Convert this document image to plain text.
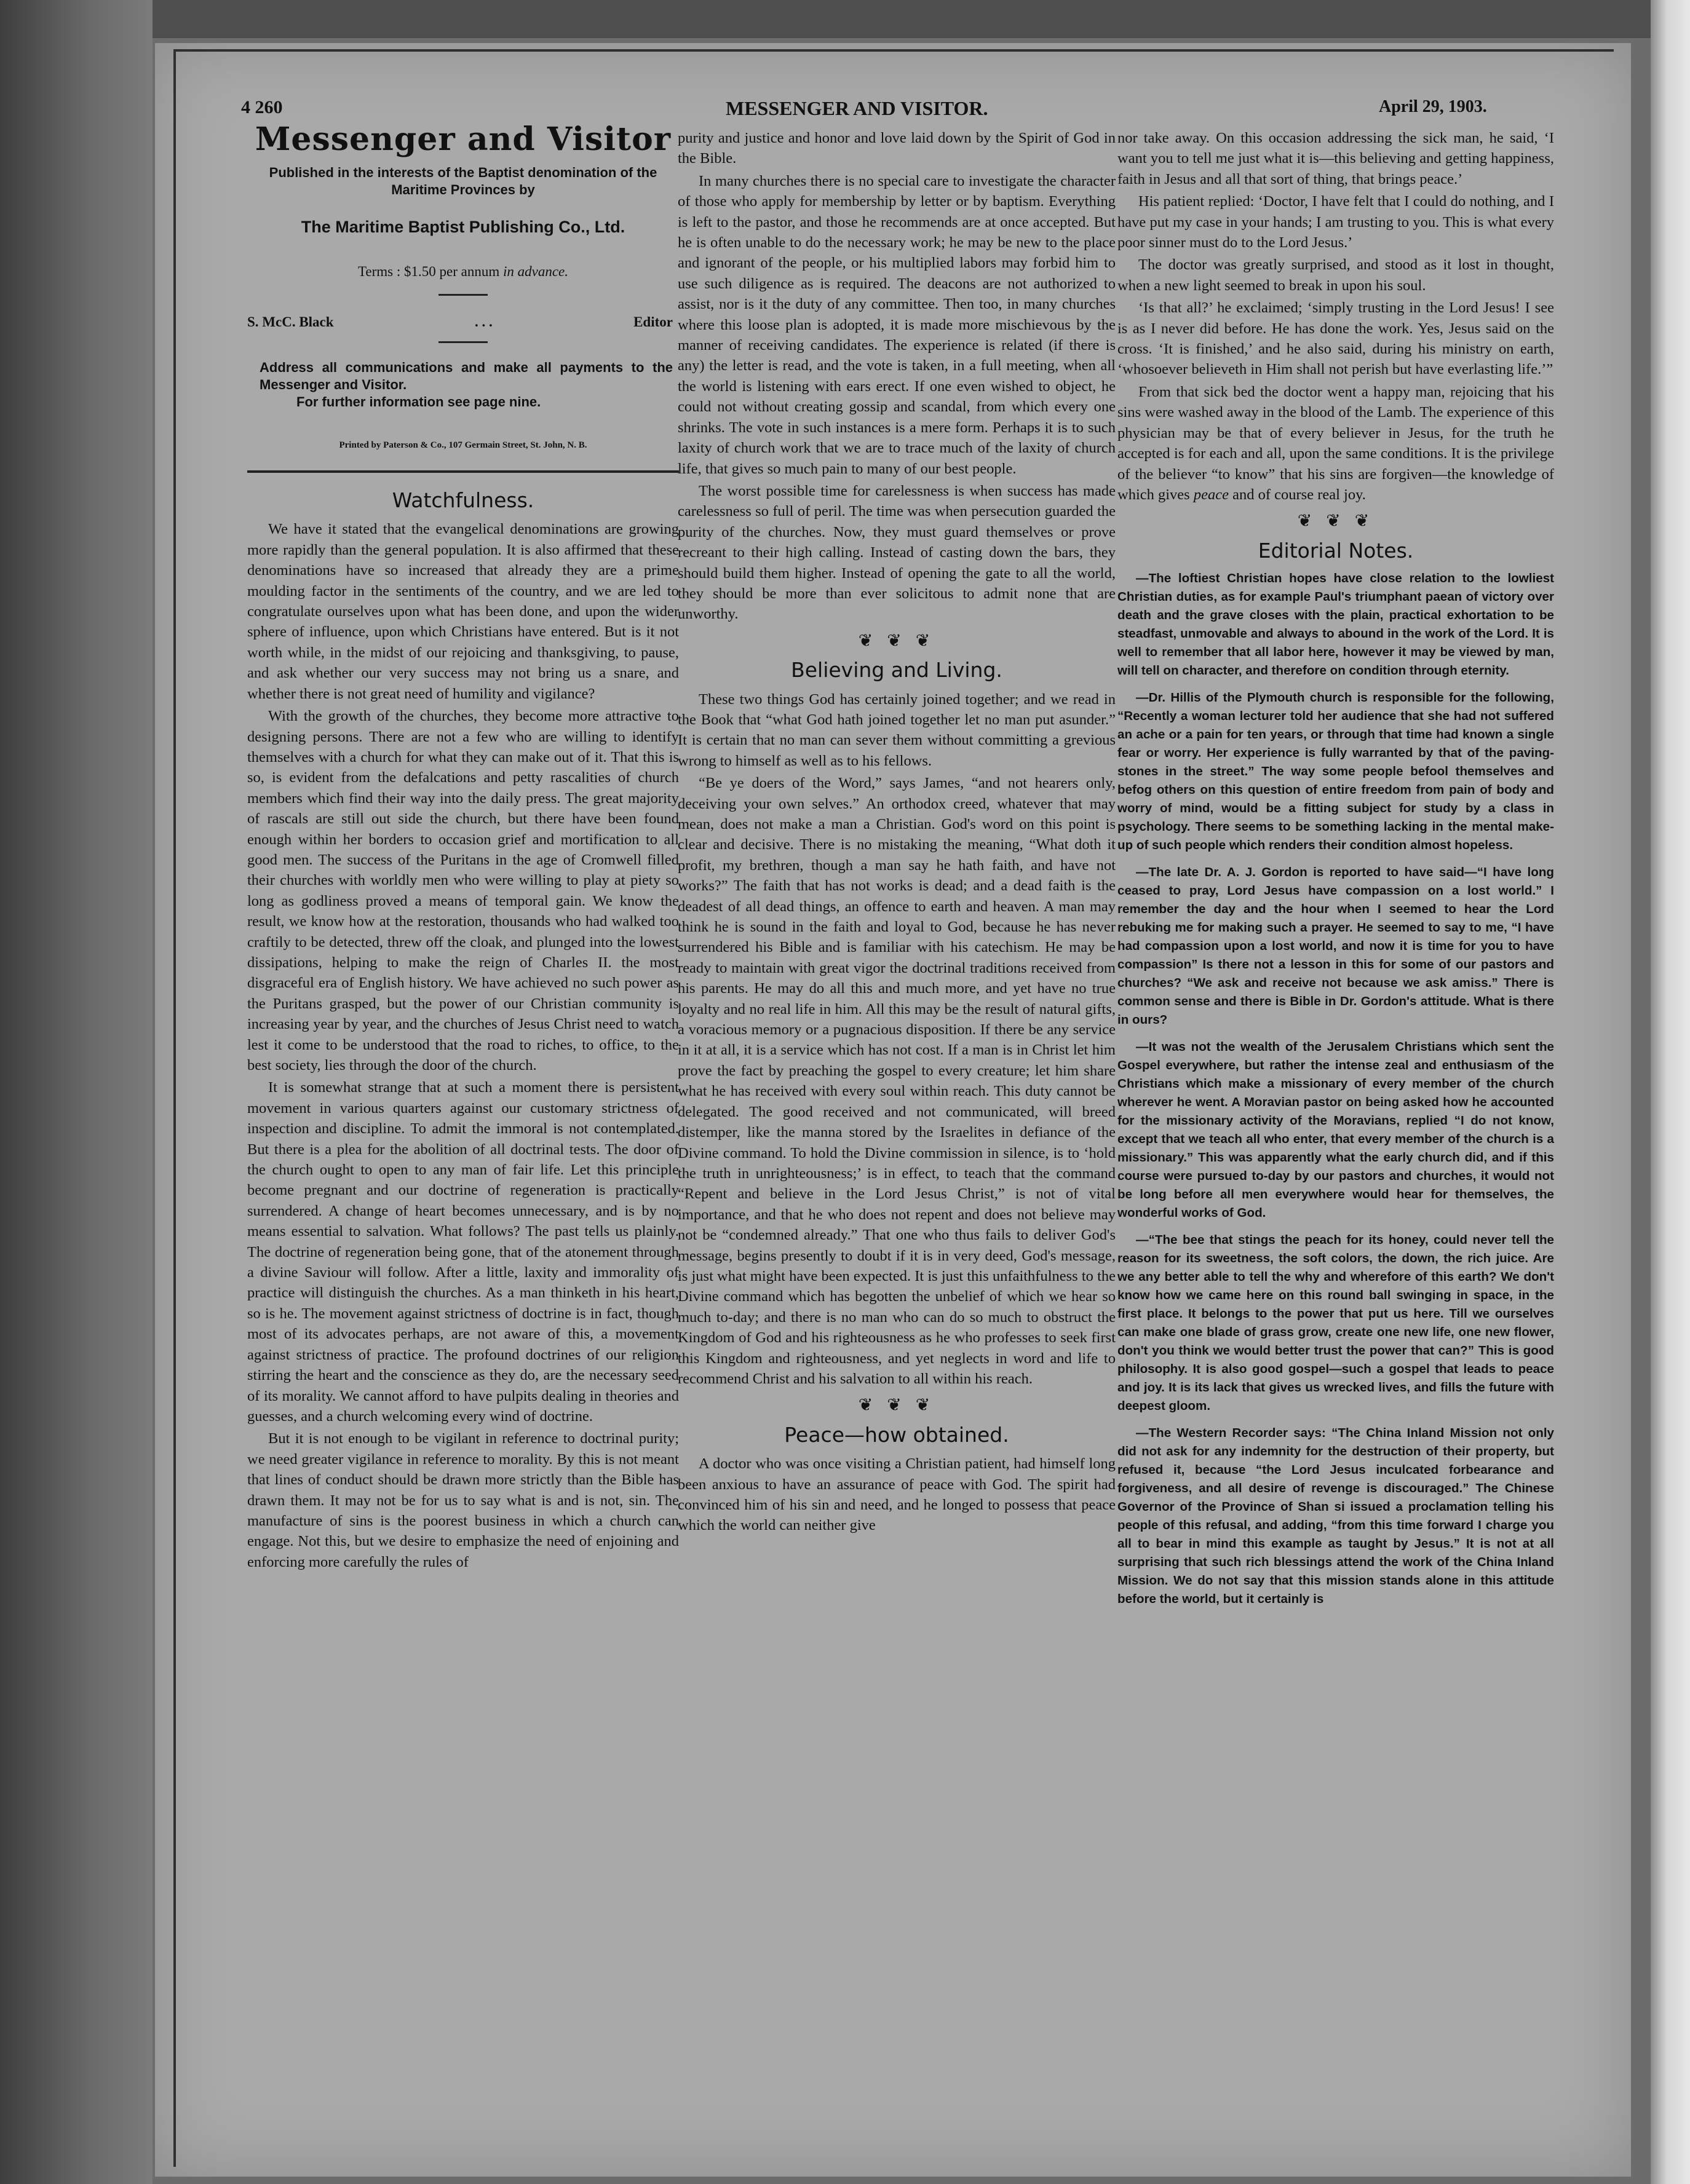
4 260	MESSENGER AND VISITOR.	April 29, 1903.
Messenger and Visitor
Published in the interests of the Baptist denomination of the Maritime Provinces by
The Maritime Baptist Publishing Co., Ltd.
Terms : $1.50 per annum in advance.
S. McC. Black	. . .	Editor
Address all communications and make all payments to the Messenger and Visitor.
For further information see page nine.
Printed by Paterson & Co., 107 Germain Street, St. John, N. B.
Watchfulness.

We have it stated that the evangelical denominations are growing more rapidly than the general population. It is also affirmed that these denominations have so increased that already they are a prime moulding factor in the sentiments of the country, and we are led to congratulate ourselves upon what has been done, and upon the wider sphere of influence, upon which Christians have entered. But is it not worth while, in the midst of our rejoicing and thanksgiving, to pause, and ask whether our very success may not bring us a snare, and whether there is not great need of humility and vigilance?

With the growth of the churches, they become more attractive to designing persons. There are not a few who are willing to identify themselves with a church for what they can make out of it. That this is so, is evident from the defalcations and petty rascalities of church members which find their way into the daily press. The great majority of rascals are still out side the church, but there have been found enough within her borders to occasion grief and mortification to all good men. The success of the Puritans in the age of Cromwell filled their churches with worldly men who were willing to play at piety so long as godliness proved a means of temporal gain. We know the result, we know how at the restoration, thousands who had walked too craftily to be detected, threw off the cloak, and plunged into the lowest dissipations, helping to make the reign of Charles II. the most disgraceful era of English history. We have achieved no such power as the Puritans grasped, but the power of our Christian community is increasing year by year, and the churches of Jesus Christ need to watch lest it come to be understood that the road to riches, to office, to the best society, lies through the door of the church.

It is somewhat strange that at such a moment there is persistent movement in various quarters against our customary strictness of inspection and discipline. To admit the immoral is not contemplated. But there is a plea for the abolition of all doctrinal tests. The door of the church ought to open to any man of fair life. Let this principle become pregnant and our doctrine of regeneration is practically surrendered. A change of heart becomes unnecessary, and is by no means essential to salvation. What follows? The past tells us plainly. The doctrine of regeneration being gone, that of the atonement through a divine Saviour will follow. After a little, laxity and immorality of practice will distinguish the churches. As a man thinketh in his heart, so is he. The movement against strictness of doctrine is in fact, though most of its advocates perhaps, are not aware of this, a movement against strictness of practice. The profound doctrines of our religion stirring the heart and the conscience as they do, are the necessary seed of its morality. We cannot afford to have pulpits dealing in theories and guesses, and a church welcoming every wind of doctrine.

But it is not enough to be vigilant in reference to doctrinal purity; we need greater vigilance in reference to morality. By this is not meant that lines of conduct should be drawn more strictly than the Bible has drawn them. It may not be for us to say what is and is not, sin. The manufacture of sins is the poorest business in which a church can engage. Not this, but we desire to emphasize the need of enjoining and enforcing more carefully the rules of

purity and justice and honor and love laid down by the Spirit of God in the Bible.

In many churches there is no special care to investigate the character of those who apply for membership by letter or by baptism. Everything is left to the pastor, and those he recommends are at once accepted. But he is often unable to do the necessary work; he may be new to the place and ignorant of the people, or his multiplied labors may forbid him to use such diligence as is required. The deacons are not authorized to assist, nor is it the duty of any committee. Then too, in many churches where this loose plan is adopted, it is made more mischievous by the manner of receiving candidates. The experience is related (if there is any) the letter is read, and the vote is taken, in a full meeting, when all the world is listening with ears erect. If one even wished to object, he could not without creating gossip and scandal, from which every one shrinks. The vote in such instances is a mere form. Perhaps it is to such laxity of church work that we are to trace much of the laxity of church life, that gives so much pain to many of our best people.

The worst possible time for carelessness is when success has made carelessness so full of peril. The time was when persecution guarded the purity of the churches. Now, they must guard themselves or prove recreant to their high calling. Instead of casting down the bars, they should build them higher. Instead of opening the gate to all the world, they should be more than ever solicitous to admit none that are unworthy.

❦ ❦ ❦
Believing and Living.

These two things God has certainly joined together; and we read in the Book that “what God hath joined together let no man put asunder.” It is certain that no man can sever them without committing a grevious wrong to himself as well as to his fellows.

“Be ye doers of the Word,” says James, “and not hearers only, deceiving your own selves.” An orthodox creed, whatever that may mean, does not make a man a Christian. God's word on this point is clear and decisive. There is no mistaking the meaning, “What doth it profit, my brethren, though a man say he hath faith, and have not works?” The faith that has not works is dead; and a dead faith is the deadest of all dead things, an offence to earth and heaven. A man may think he is sound in the faith and loyal to God, because he has never surrendered his Bible and is familiar with his catechism. He may be ready to maintain with great vigor the doctrinal traditions received from his parents. He may do all this and much more, and yet have no true loyalty and no real life in him. All this may be the result of natural gifts, a voracious memory or a pugnacious disposition. If there be any service in it at all, it is a service which has not cost. If a man is in Christ let him prove the fact by preaching the gospel to every creature; let him share what he has received with every soul within reach. This duty cannot be delegated. The good received and not communicated, will breed distemper, like the manna stored by the Israelites in defiance of the Divine command. To hold the Divine commission in silence, is to ‘hold the truth in unrighteousness;’ is in effect, to teach that the command “Repent and believe in the Lord Jesus Christ,” is not of vital importance, and that he who does not repent and does not believe may not be “condemned already.” That one who thus fails to deliver God's message, begins presently to doubt if it is in very deed, God's message, is just what might have been expected. It is just this unfaithfulness to the Divine command which has begotten the unbelief of which we hear so much to-day; and there is no man who can do so much to obstruct the Kingdom of God and his righteousness as he who professes to seek first this Kingdom and righteousness, and yet neglects in word and life to recommend Christ and his salvation to all within his reach.

❦ ❦ ❦
Peace—how obtained.

A doctor who was once visiting a Christian patient, had himself long been anxious to have an assurance of peace with God. The spirit had convinced him of his sin and need, and he longed to possess that peace which the world can neither give

nor take away. On this occasion addressing the sick man, he said, ‘I want you to tell me just what it is—this believing and getting happiness, faith in Jesus and all that sort of thing, that brings peace.’

His patient replied: ‘Doctor, I have felt that I could do nothing, and I have put my case in your hands; I am trusting to you. This is what every poor sinner must do to the Lord Jesus.’

The doctor was greatly surprised, and stood as it lost in thought, when a new light seemed to break in upon his soul.

‘Is that all?’ he exclaimed; ‘simply trusting in the Lord Jesus! I see is as I never did before. He has done the work. Yes, Jesus said on the cross. ‘It is finished,’ and he also said, during his ministry on earth, ‘whosoever believeth in Him shall not perish but have everlasting life.’”

From that sick bed the doctor went a happy man, rejoicing that his sins were washed away in the blood of the Lamb. The experience of this physician may be that of every believer in Jesus, for the truth he accepted is for each and all, upon the same conditions. It is the privilege of the believer “to know” that his sins are forgiven—the knowledge of which gives peace and of course real joy.

❦ ❦ ❦
Editorial Notes.

—The loftiest Christian hopes have close relation to the lowliest Christian duties, as for example Paul's triumphant paean of victory over death and the grave closes with the plain, practical exhortation to be steadfast, unmovable and always to abound in the work of the Lord. It is well to remember that all labor here, however it may be viewed by man, will tell on character, and therefore on condition through eternity.

—Dr. Hillis of the Plymouth church is responsible for the following, “Recently a woman lecturer told her audience that she had not suffered an ache or a pain for ten years, or through that time had known a single fear or worry. Her experience is fully warranted by that of the paving-stones in the street.” The way some people befool themselves and befog others on this question of entire freedom from pain of body and worry of mind, would be a fitting subject for study by a class in psychology. There seems to be something lacking in the mental make-up of such people which renders their condition almost hopeless.

—The late Dr. A. J. Gordon is reported to have said—“I have long ceased to pray, Lord Jesus have compassion on a lost world.” I remember the day and the hour when I seemed to hear the Lord rebuking me for making such a prayer. He seemed to say to me, “I have had compassion upon a lost world, and now it is time for you to have compassion” Is there not a lesson in this for some of our pastors and churches? “We ask and receive not because we ask amiss.” There is common sense and there is Bible in Dr. Gordon's attitude. What is there in ours?

—It was not the wealth of the Jerusalem Christians which sent the Gospel everywhere, but rather the intense zeal and enthusiasm of the Christians which make a missionary of every member of the church wherever he went. A Moravian pastor on being asked how he accounted for the missionary activity of the Moravians, replied “I do not know, except that we teach all who enter, that every member of the church is a missionary.” This was apparently what the early church did, and if this course were pursued to-day by our pastors and churches, it would not be long before all men everywhere would hear for themselves, the wonderful works of God.

—“The bee that stings the peach for its honey, could never tell the reason for its sweetness, the soft colors, the down, the rich juice. Are we any better able to tell the why and wherefore of this earth? We don't know how we came here on this round ball swinging in space, in the first place. It belongs to the power that put us here. Till we ourselves can make one blade of grass grow, create one new life, one new flower, don't you think we would better trust the power that can?” This is good philosophy. It is also good gospel—such a gospel that leads to peace and joy. It is its lack that gives us wrecked lives, and fills the future with deepest gloom.

—The Western Recorder says: “The China Inland Mission not only did not ask for any indemnity for the destruction of their property, but refused it, because “the Lord Jesus inculcated forbearance and forgiveness, and all desire of revenge is discouraged.” The Chinese Governor of the Province of Shan si issued a proclamation telling his people of this refusal, and adding, “from this time forward I charge you all to bear in mind this example as taught by Jesus.” It is not at all surprising that such rich blessings attend the work of the China Inland Mission. We do not say that this mission stands alone in this attitude before the world, but it certainly is
